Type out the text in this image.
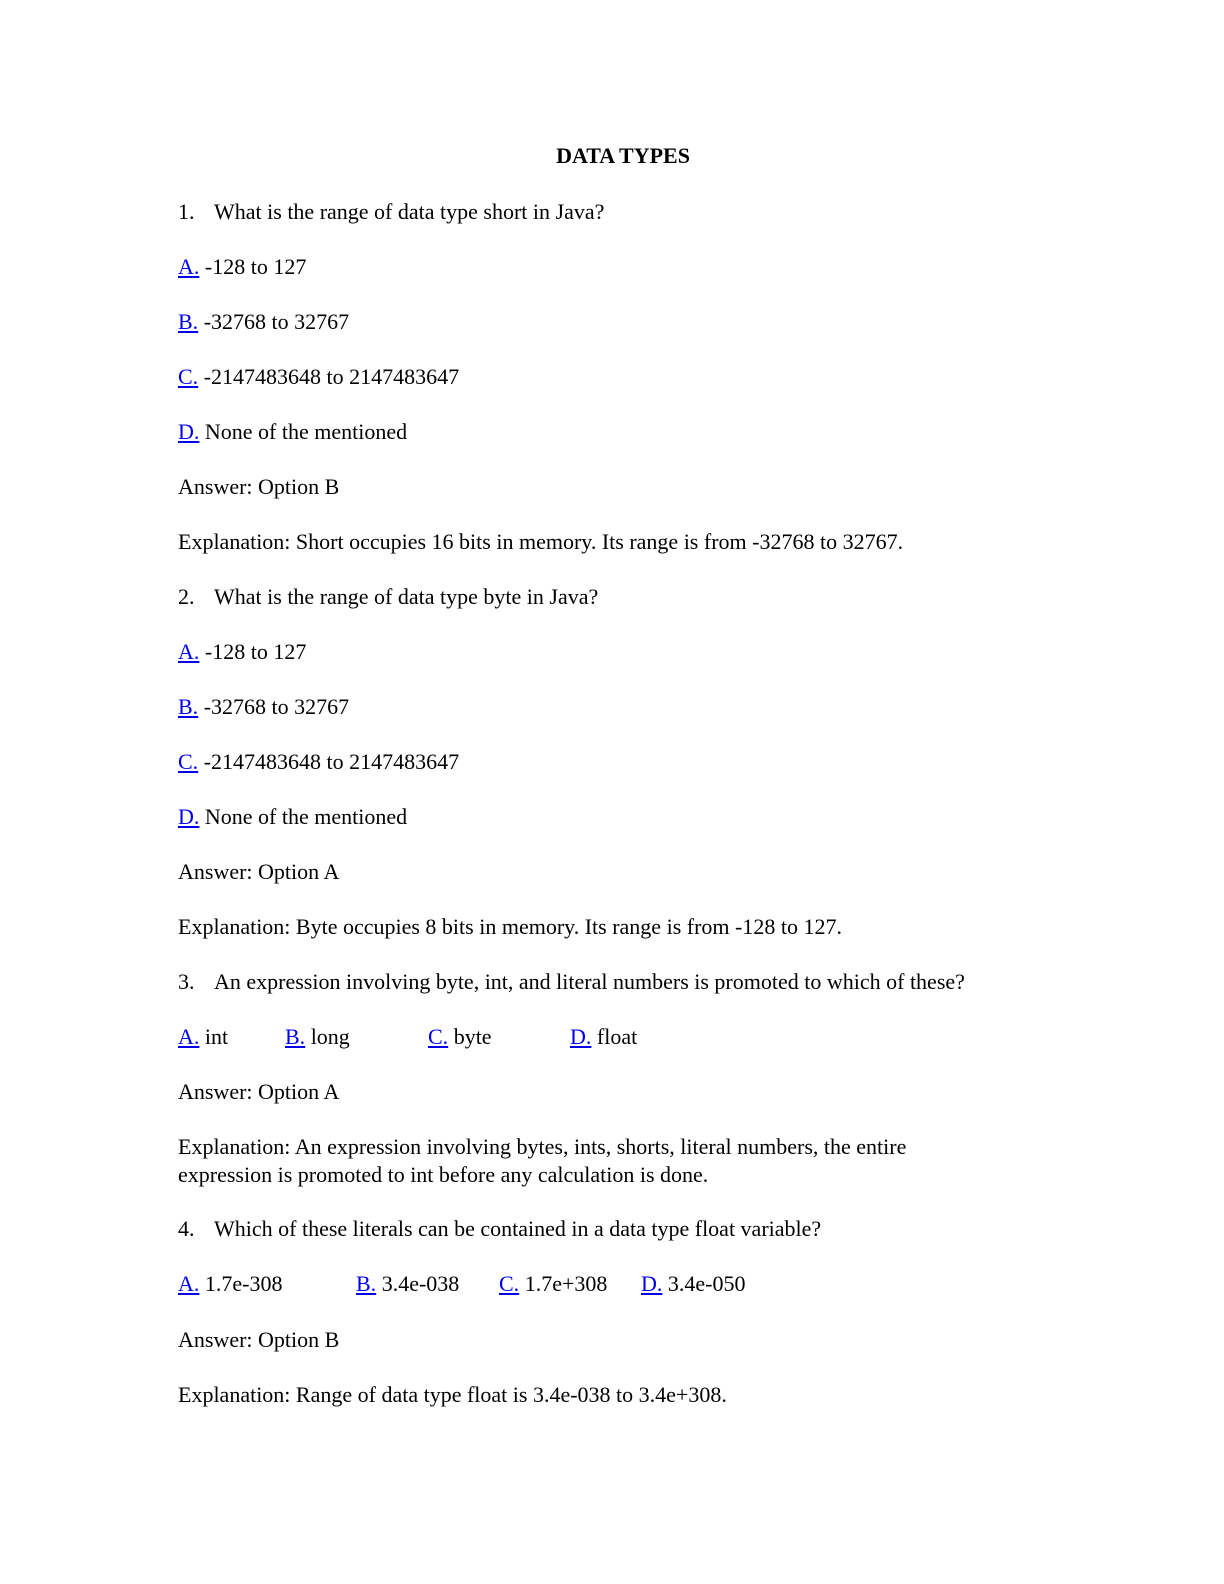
DATA TYPES
1. What is the range of data type short in Java?
A. -128 to 127
B. -32768 to 32767
C. -2147483648 to 2147483647
D. None of the mentioned
Answer: Option B
Explanation: Short occupies 16 bits in memory. Its range is from -32768 to 32767.
2. What is the range of data type byte in Java?
A. -128 to 127
B. -32768 to 32767
C. -2147483648 to 2147483647
D. None of the mentioned
Answer: Option A
Explanation: Byte occupies 8 bits in memory. Its range is from -128 to 127.
3. An expression involving byte, int, and literal numbers is promoted to which of these?
A. int	B. long	C. byte	D. float
Answer: Option A
Explanation: An expression involving bytes, ints, shorts, literal numbers, the entire
expression is promoted to int before any calculation is done.
4. Which of these literals can be contained in a data type float variable?
A. 1.7e-308	B. 3.4e-038 C. 1.7e+308 D. 3.4e-050
Answer: Option B
Explanation: Range of data type float is 3.4e-038 to 3.4e+308.
